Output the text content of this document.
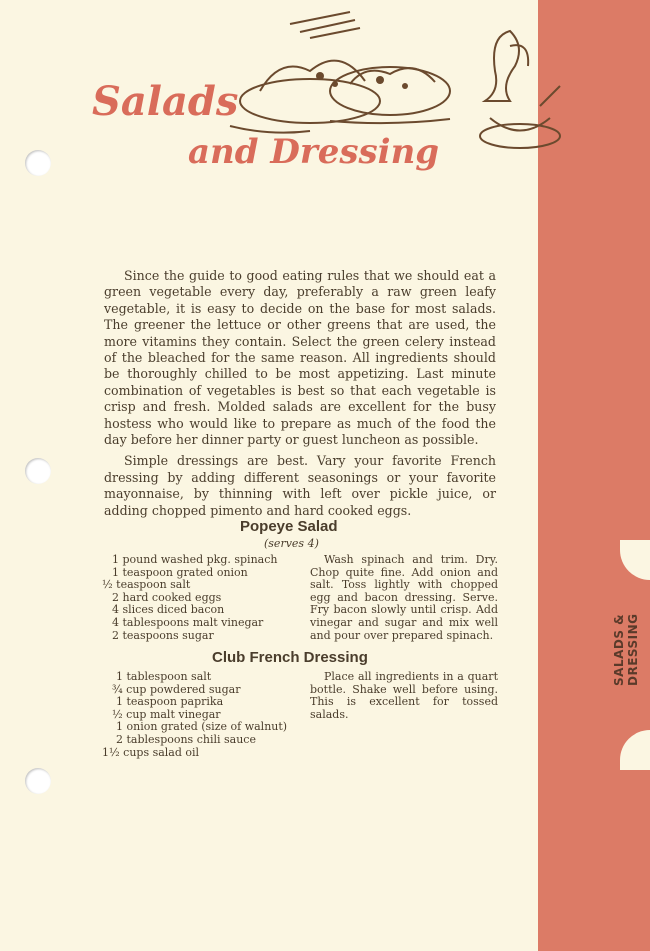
SALADS & DRESSING
Salads
and Dressing

Since the guide to good eating rules that we should eat a green vegetable every day, preferably a raw green leafy vegetable, it is easy to decide on the base for most salads. The greener the lettuce or other greens that are used, the more vitamins they contain. Select the green celery instead of the bleached for the same reason. All ingredients should be thoroughly chilled to be most appetizing. Last minute combination of vegetables is best so that each vegetable is crisp and fresh. Molded salads are excellent for the busy hostess who would like to prepare as much of the food the day before her dinner party or guest luncheon as possible.

Simple dressings are best. Vary your favorite French dressing by adding different seasonings or your favorite mayonnaise, by thinning with left over pickle juice, or adding chopped pimento and hard cooked eggs.

Popeye Salad
(serves 4)
1 pound washed pkg. spinach
1 teaspoon grated onion
½ teaspoon salt
2 hard cooked eggs
4 slices diced bacon
4 tablespoons malt vinegar
2 teaspoons sugar
Wash spinach and trim. Dry. Chop quite fine. Add onion and salt. Toss lightly with chopped egg and bacon dressing. Serve. Fry bacon slowly until crisp. Add vinegar and sugar and mix well and pour over prepared spinach.
Club French Dressing
1 tablespoon salt
¾ cup powdered sugar
1 teaspoon paprika
½ cup malt vinegar
1 onion grated (size of walnut)
2 tablespoons chili sauce
1½ cups salad oil
Place all ingredients in a quart bottle. Shake well before using. This is excellent for tossed salads.
